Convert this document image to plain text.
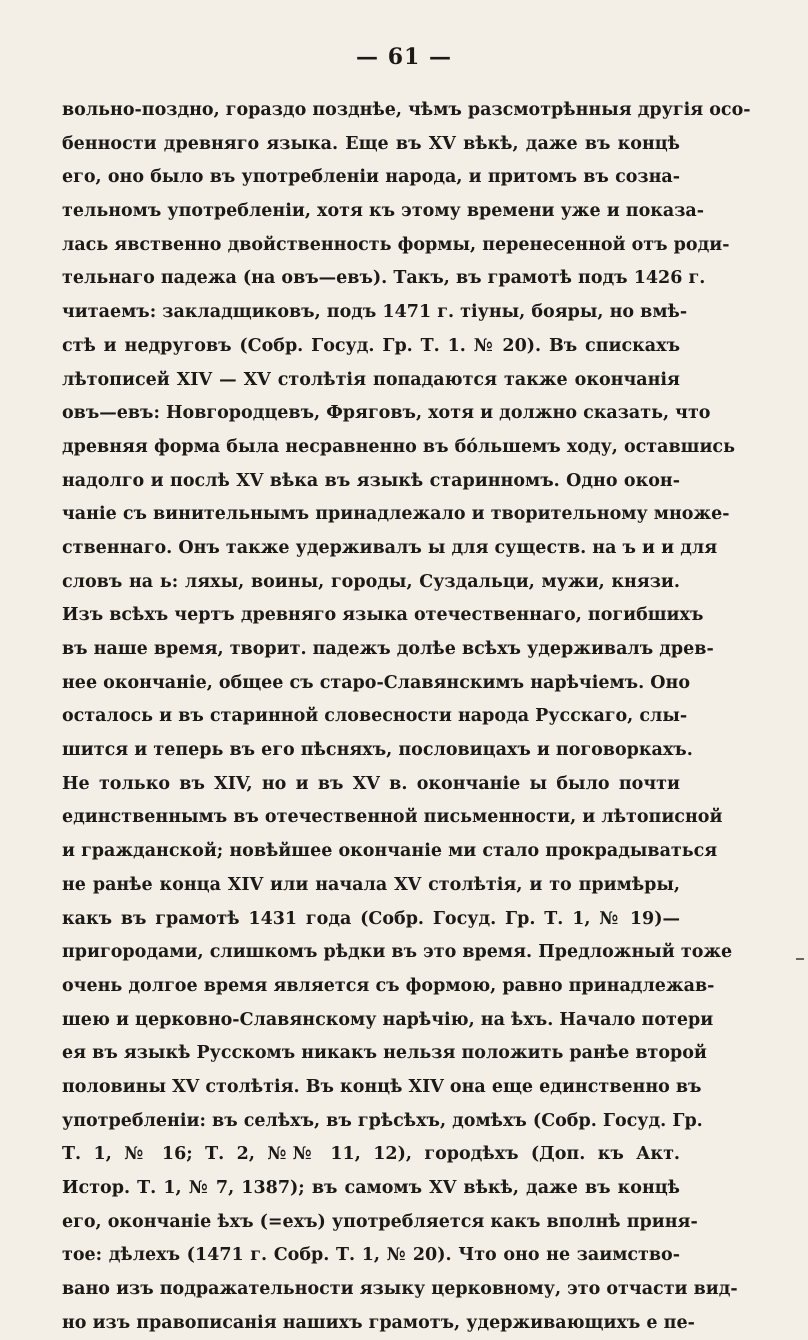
— 61 —
вольно-поздно, гораздо позднѣе, чѣмъ разсмотрѣнныя другія осо-
бенности древняго языка. Еще въ XV вѣкѣ, даже въ концѣ
его, оно было въ употребленіи народа, и притомъ въ созна-
тельномъ употребленіи, хотя къ этому времени уже и показа-
лась явственно двойственность формы, перенесенной отъ роди-
тельнаго падежа (на овъ—евъ). Такъ, въ грамотѣ подъ 1426 г.
читаемъ: закладщиковъ, подъ 1471 г. тіуны, бояры, но вмѣ-
стѣ и недруговъ (Собр. Госуд. Гр. Т. 1. № 20). Въ спискахъ
лѣтописей XIV — XV столѣтія попадаются также окончанія
овъ—евъ: Новгородцевъ, Фряговъ, хотя и должно сказать, что
древняя форма была несравненно въ бо́льшемъ ходу, оставшись
надолго и послѣ XV вѣка въ языкѣ старинномъ. Одно окон-
чаніе съ винительнымъ принадлежало и творительному множе-
ственнаго. Онъ также удерживалъ ы для существ. на ъ и и для
словъ на ь: ляхы, воины, городы, Суздальци, мужи, князи.
Изъ всѣхъ чертъ древняго языка отечественнаго, погибшихъ
въ наше время, творит. падежъ долѣе всѣхъ удерживалъ древ-
нее окончаніе, общее съ старо-Славянскимъ нарѣчіемъ. Оно
осталось и въ старинной словесности народа Русскаго, слы-
шится и теперь въ его пѣсняхъ, пословицахъ и поговоркахъ.
Не только въ XIV, но и въ XV в. окончаніе ы было почти
единственнымъ въ отечественной письменности, и лѣтописной
и гражданской; новѣйшее окончаніе ми стало прокрадываться
не ранѣе конца XIV или начала XV столѣтія, и то примѣры,
какъ въ грамотѣ 1431 года (Собр. Госуд. Гр. Т. 1, № 19)—
пригородами, слишкомъ рѣдки въ это время. Предложный тоже
очень долгое время является съ формою, равно принадлежав-
шею и церковно-Славянскому нарѣчію, на ѣхъ. Начало потери
ея въ языкѣ Русскомъ никакъ нельзя положить ранѣе второй
половины XV столѣтія. Въ концѣ XIV она еще единственно въ
употребленіи: въ селѣхъ, въ грѣсѣхъ, домѣхъ (Собр. Госуд. Гр.
Т. 1, № 16; Т. 2, №№ 11, 12), городѣхъ (Доп. къ Акт.
Истор. Т. 1, № 7, 1387); въ самомъ XV вѣкѣ, даже въ концѣ
его, окончаніе ѣхъ (=ехъ) употребляется какъ вполнѣ приня-
тое: дѣлехъ (1471 г. Собр. Т. 1, № 20). Что оно не заимство-
вано изъ подражательности языку церковному, это отчасти вид-
но изъ правописанія нашихъ грамотъ, удерживающихъ е пе-
